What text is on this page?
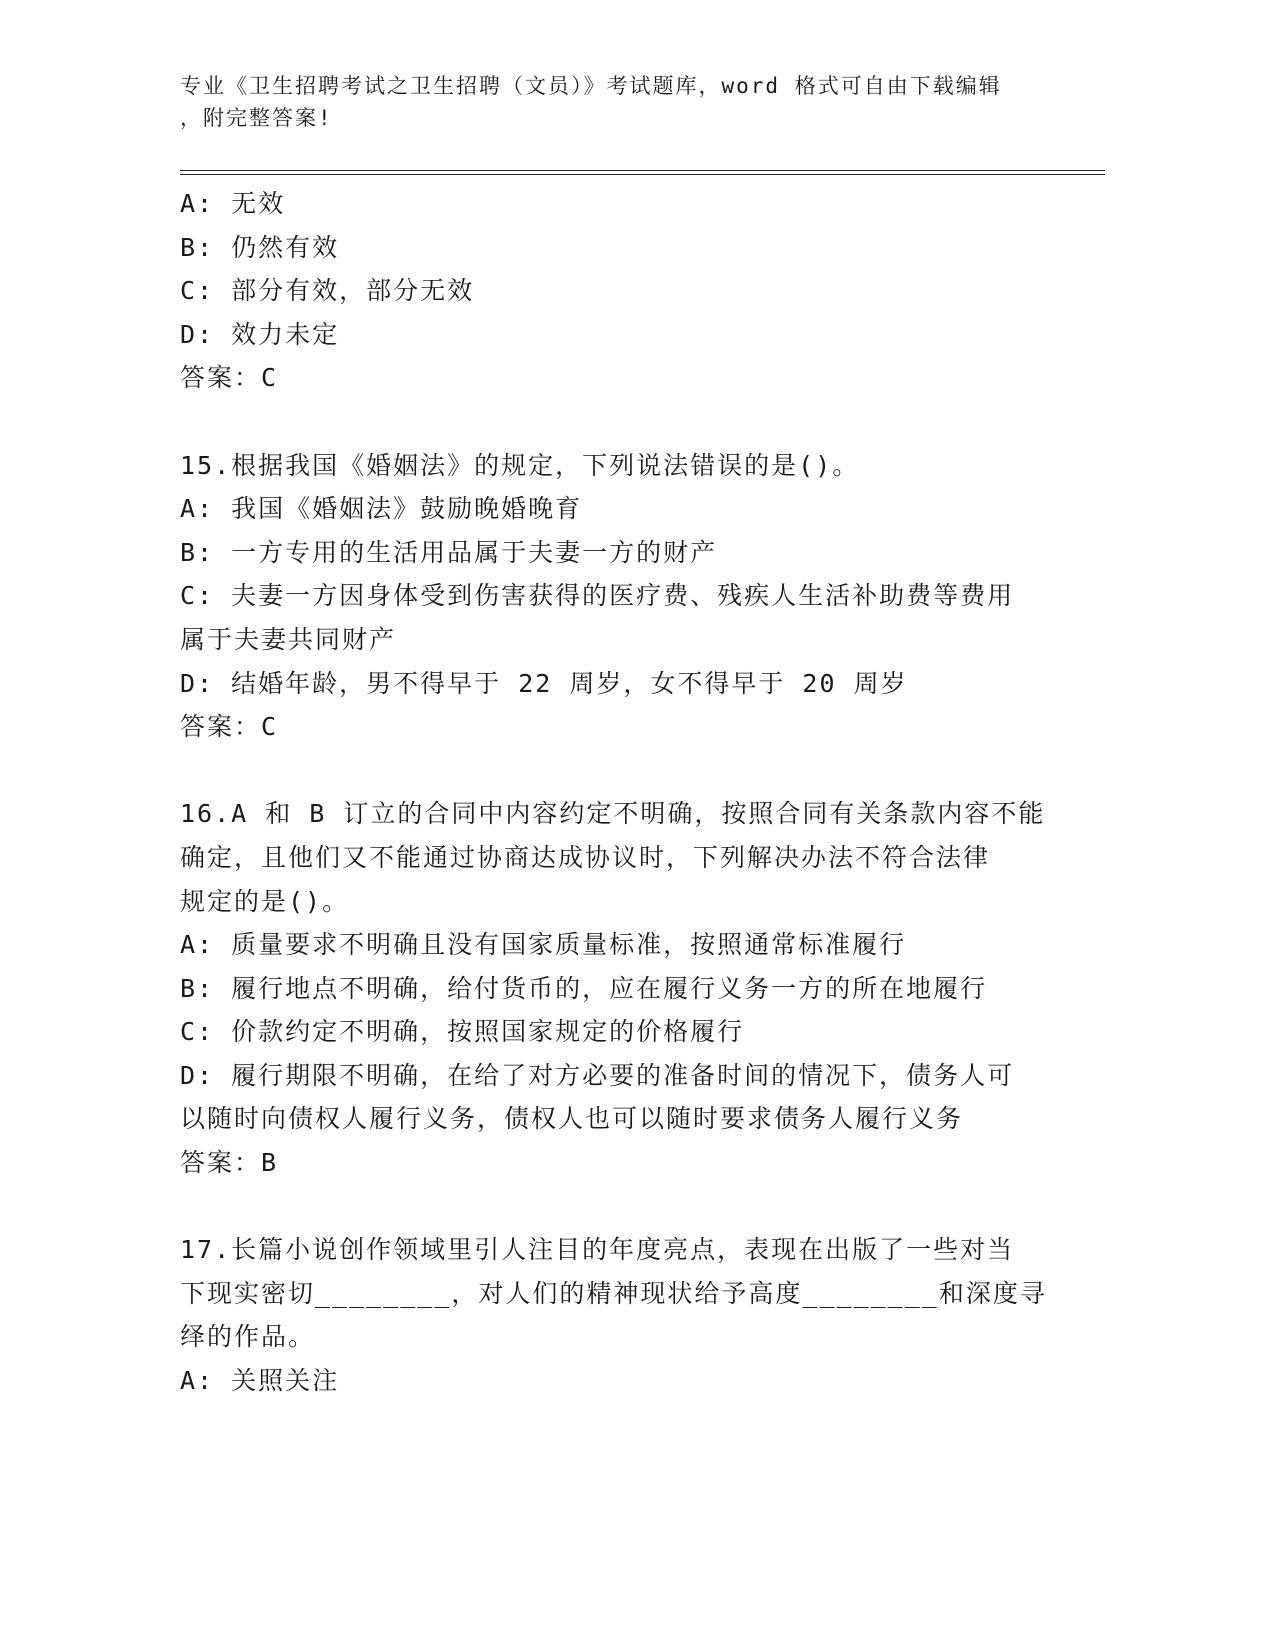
专业《卫生招聘考试之卫生招聘（文员）》考试题库，word 格式可自由下载编辑
，附完整答案!

A: 无效

B: 仍然有效

C: 部分有效，部分无效

D: 效力未定

答案：C

15.根据我国《婚姻法》的规定，下列说法错误的是()。

A: 我国《婚姻法》鼓励晚婚晚育

B: 一方专用的生活用品属于夫妻一方的财产

C: 夫妻一方因身体受到伤害获得的医疗费、残疾人生活补助费等费用

属于夫妻共同财产

D: 结婚年龄，男不得早于 22 周岁，女不得早于 20 周岁

答案：C

16.A 和 B 订立的合同中内容约定不明确，按照合同有关条款内容不能

确定，且他们又不能通过协商达成协议时，下列解决办法不符合法律

规定的是()。

A: 质量要求不明确且没有国家质量标准，按照通常标准履行

B: 履行地点不明确，给付货币的，应在履行义务一方的所在地履行

C: 价款约定不明确，按照国家规定的价格履行

D: 履行期限不明确，在给了对方必要的准备时间的情况下，债务人可

以随时向债权人履行义务，债权人也可以随时要求债务人履行义务

答案：B

17.长篇小说创作领域里引人注目的年度亮点，表现在出版了一些对当

下现实密切________，对人们的精神现状给予高度________和深度寻

绎的作品。

A: 关照关注
